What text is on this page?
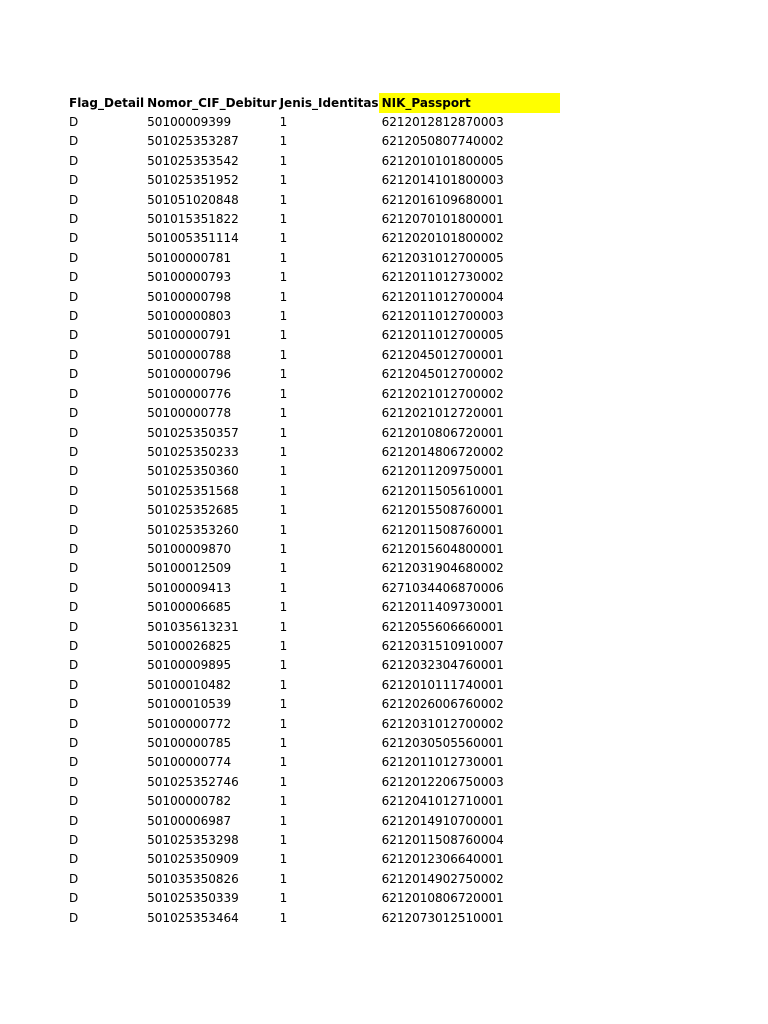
Flag_Detail	Nomor_CIF_Debitur	Jenis_Identitas	NIK_Passport
D	50100009399	1	6212012812870003
D	501025353287	1	6212050807740002
D	501025353542	1	6212010101800005
D	501025351952	1	6212014101800003
D	501051020848	1	6212016109680001
D	501015351822	1	6212070101800001
D	501005351114	1	6212020101800002
D	50100000781	1	6212031012700005
D	50100000793	1	6212011012730002
D	50100000798	1	6212011012700004
D	50100000803	1	6212011012700003
D	50100000791	1	6212011012700005
D	50100000788	1	6212045012700001
D	50100000796	1	6212045012700002
D	50100000776	1	6212021012700002
D	50100000778	1	6212021012720001
D	501025350357	1	6212010806720001
D	501025350233	1	6212014806720002
D	501025350360	1	6212011209750001
D	501025351568	1	6212011505610001
D	501025352685	1	6212015508760001
D	501025353260	1	6212011508760001
D	50100009870	1	6212015604800001
D	50100012509	1	6212031904680002
D	50100009413	1	6271034406870006
D	50100006685	1	6212011409730001
D	501035613231	1	6212055606660001
D	50100026825	1	6212031510910007
D	50100009895	1	6212032304760001
D	50100010482	1	6212010111740001
D	50100010539	1	6212026006760002
D	50100000772	1	6212031012700002
D	50100000785	1	6212030505560001
D	50100000774	1	6212011012730001
D	501025352746	1	6212012206750003
D	50100000782	1	6212041012710001
D	50100006987	1	6212014910700001
D	501025353298	1	6212011508760004
D	501025350909	1	6212012306640001
D	501035350826	1	6212014902750002
D	501025350339	1	6212010806720001
D	501025353464	1	6212073012510001
